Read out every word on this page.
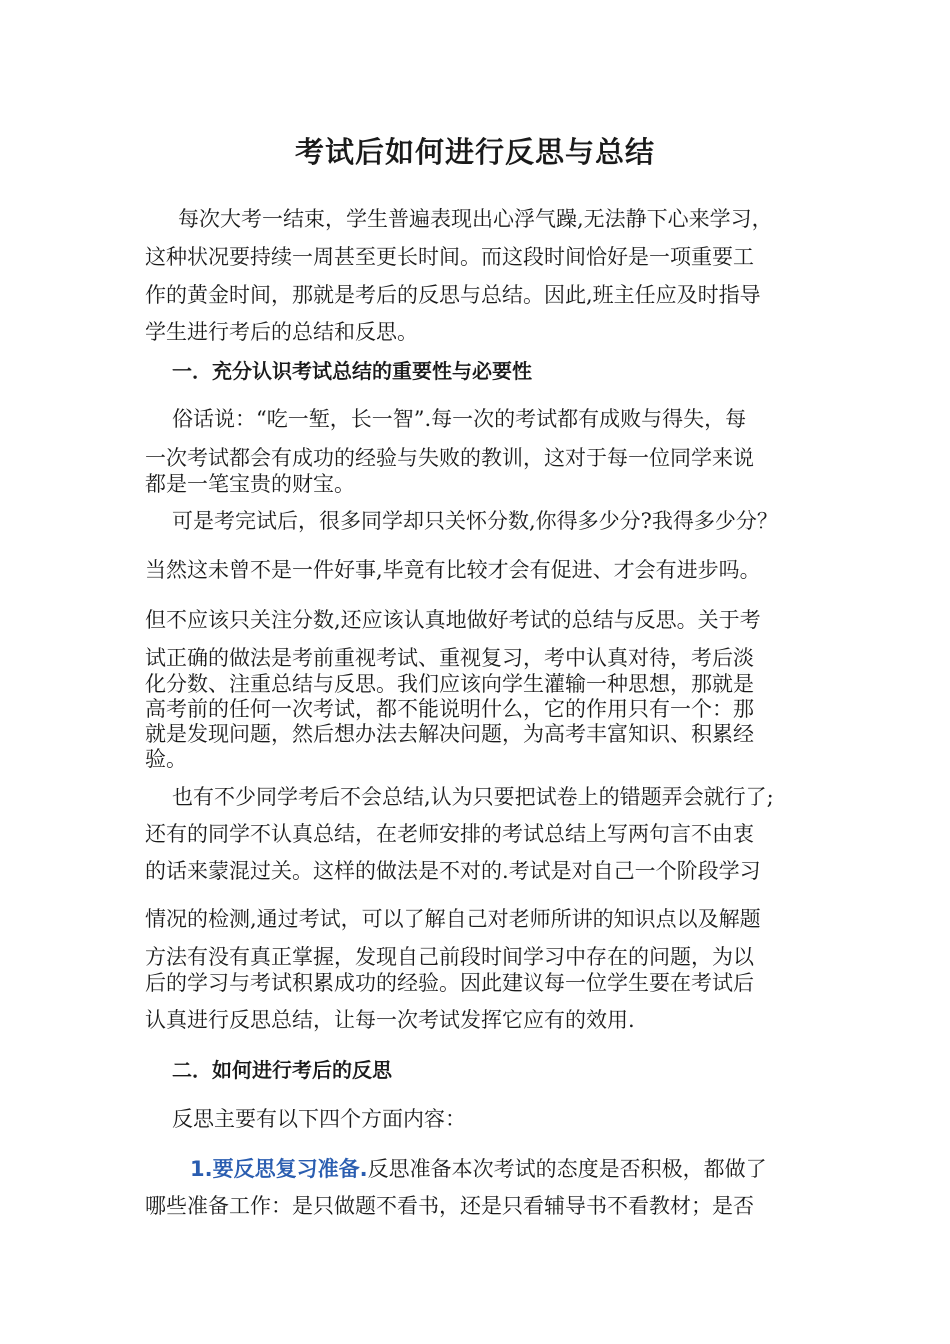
考试后如何进行反思与总结

每次大考一结束，学生普遍表现出心浮气躁,无法静下心来学习，

这种状况要持续一周甚至更长时间。而这段时间恰好是一项重要工

作的黄金时间，那就是考后的反思与总结。因此,班主任应及时指导

学生进行考后的总结和反思。

一．充分认识考试总结的重要性与必要性

俗话说：“吃一堑，长一智”.每一次的考试都有成败与得失，每

一次考试都会有成功的经验与失败的教训，这对于每一位同学来说

都是一笔宝贵的财宝。

可是考完试后，很多同学却只关怀分数,你得多少分?我得多少分？

当然这未曾不是一件好事,毕竟有比较才会有促进、才会有进步吗。

但不应该只关注分数,还应该认真地做好考试的总结与反思。关于考

试正确的做法是考前重视考试、重视复习，考中认真对待，考后淡

化分数、注重总结与反思。我们应该向学生灌输一种思想，那就是

高考前的任何一次考试，都不能说明什么，它的作用只有一个：那

就是发现问题，然后想办法去解决问题，为高考丰富知识、积累经

验。

也有不少同学考后不会总结,认为只要把试卷上的错题弄会就行了;

还有的同学不认真总结，在老师安排的考试总结上写两句言不由衷

的话来蒙混过关。这样的做法是不对的.考试是对自己一个阶段学习

情况的检测,通过考试，可以了解自己对老师所讲的知识点以及解题

方法有没有真正掌握，发现自己前段时间学习中存在的问题，为以

后的学习与考试积累成功的经验。因此建议每一位学生要在考试后

认真进行反思总结，让每一次考试发挥它应有的效用.

二．如何进行考后的反思

反思主要有以下四个方面内容：

1.要反思复习准备.反思准备本次考试的态度是否积极，都做了

哪些准备工作：是只做题不看书，还是只看辅导书不看教材；是否
